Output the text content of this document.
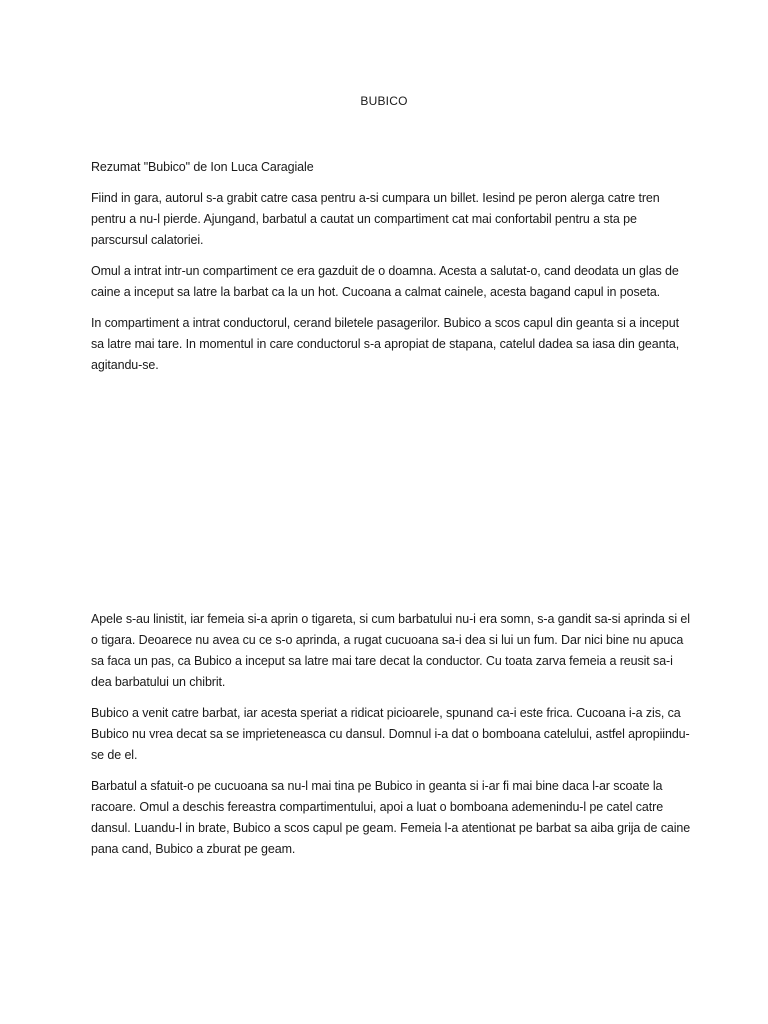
BUBICO

Rezumat "Bubico" de Ion Luca Caragiale

Fiind in gara, autorul s-a grabit catre casa pentru a-si cumpara un billet. Iesind pe peron alerga catre tren pentru a nu-l pierde. Ajungand, barbatul a cautat un compartiment cat mai confortabil pentru a sta pe parscursul calatoriei.

Omul a intrat intr-un compartiment ce era gazduit de o doamna. Acesta a salutat-o, cand deodata un glas de caine a inceput sa latre la barbat ca la un hot. Cucoana a calmat cainele, acesta bagand capul in poseta.

In compartiment a intrat conductorul, cerand biletele pasagerilor. Bubico a scos capul din geanta si a inceput sa latre mai tare. In momentul in care conductorul s-a apropiat de stapana, catelul dadea sa iasa din geanta, agitandu-se.

Apele s-au linistit, iar femeia si-a aprin o tigareta, si cum barbatului nu-i era somn, s-a gandit sa-si aprinda si el o tigara. Deoarece nu avea cu ce s-o aprinda, a rugat cucuoana sa-i dea si lui un fum. Dar nici bine nu apuca sa faca un pas, ca Bubico a inceput sa latre mai tare decat la conductor. Cu toata zarva femeia a reusit sa-i dea barbatului un chibrit.

Bubico a venit catre barbat, iar acesta speriat a ridicat picioarele, spunand ca-i este frica. Cucoana i-a zis, ca Bubico nu vrea decat sa se imprieteneasca cu dansul. Domnul i-a dat o bomboana catelului, astfel apropiindu-se de el.

Barbatul a sfatuit-o pe cucuoana sa nu-l mai tina pe Bubico in geanta si i-ar fi mai bine daca l-ar scoate la racoare. Omul a deschis fereastra compartimentului, apoi a luat o bomboana ademenindu-l pe catel catre dansul. Luandu-l in brate, Bubico a scos capul pe geam. Femeia l-a atentionat pe barbat sa aiba grija de caine pana cand, Bubico a zburat pe geam.
